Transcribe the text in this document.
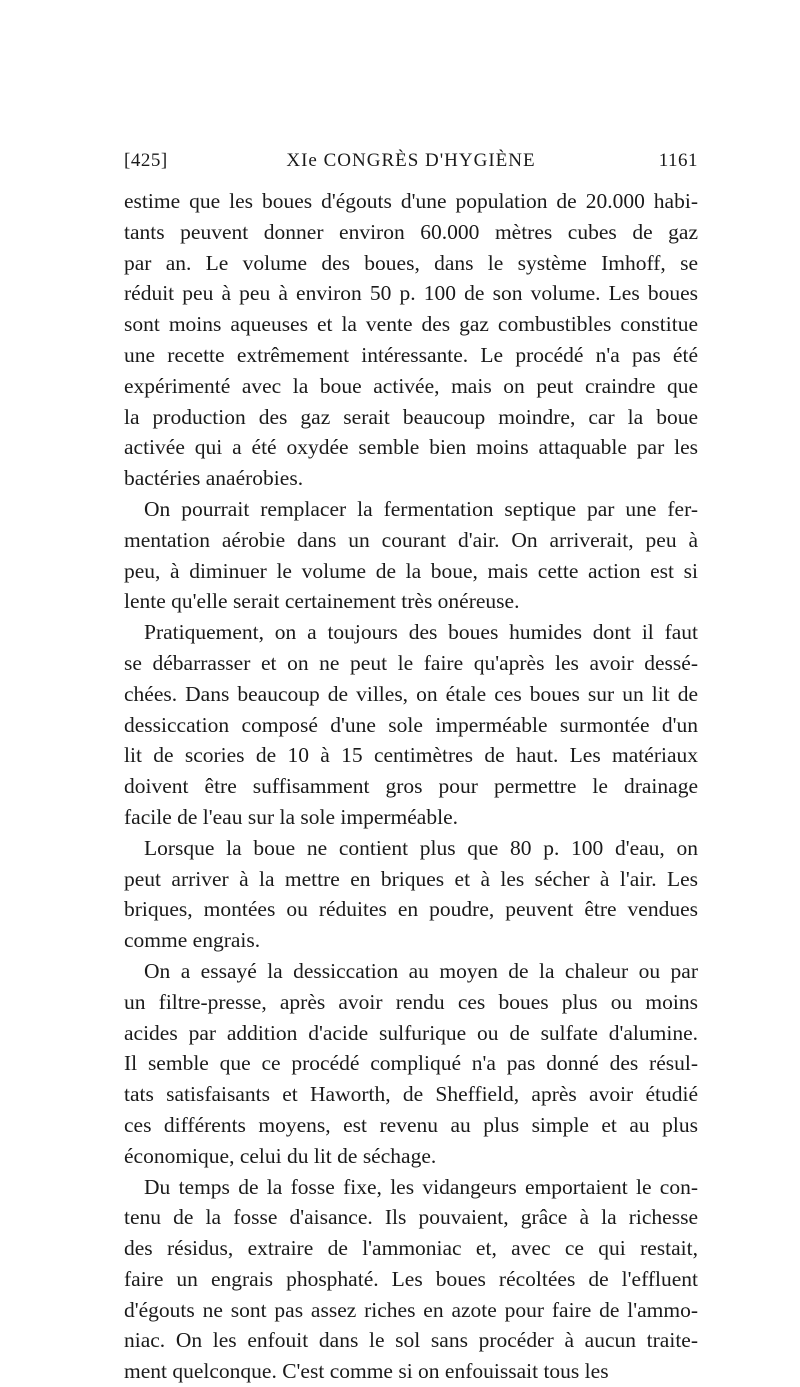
[425]	XIe CONGRÈS D'HYGIÈNE	1161
estime que les boues d'égouts d'une population de 20.000 habi-
tants peuvent donner environ 60.000 mètres cubes de gaz
par an. Le volume des boues, dans le système Imhoff, se
réduit peu à peu à environ 50 p. 100 de son volume. Les boues
sont moins aqueuses et la vente des gaz combustibles constitue
une recette extrêmement intéressante. Le procédé n'a pas été
expérimenté avec la boue activée, mais on peut craindre que
la production des gaz serait beaucoup moindre, car la boue
activée qui a été oxydée semble bien moins attaquable par les
bactéries anaérobies.
On pourrait remplacer la fermentation septique par une fer-
mentation aérobie dans un courant d'air. On arriverait, peu à
peu, à diminuer le volume de la boue, mais cette action est si
lente qu'elle serait certainement très onéreuse.
Pratiquement, on a toujours des boues humides dont il faut
se débarrasser et on ne peut le faire qu'après les avoir dessé-
chées. Dans beaucoup de villes, on étale ces boues sur un lit de
dessiccation composé d'une sole imperméable surmontée d'un
lit de scories de 10 à 15 centimètres de haut. Les matériaux
doivent être suffisamment gros pour permettre le drainage
facile de l'eau sur la sole imperméable.
Lorsque la boue ne contient plus que 80 p. 100 d'eau, on
peut arriver à la mettre en briques et à les sécher à l'air. Les
briques, montées ou réduites en poudre, peuvent être vendues
comme engrais.
On a essayé la dessiccation au moyen de la chaleur ou par
un filtre-presse, après avoir rendu ces boues plus ou moins
acides par addition d'acide sulfurique ou de sulfate d'alumine.
Il semble que ce procédé compliqué n'a pas donné des résul-
tats satisfaisants et Haworth, de Sheffield, après avoir étudié
ces différents moyens, est revenu au plus simple et au plus
économique, celui du lit de séchage.
Du temps de la fosse fixe, les vidangeurs emportaient le con-
tenu de la fosse d'aisance. Ils pouvaient, grâce à la richesse
des résidus, extraire de l'ammoniac et, avec ce qui restait,
faire un engrais phosphaté. Les boues récoltées de l'effluent
d'égouts ne sont pas assez riches en azote pour faire de l'ammo-
niac. On les enfouit dans le sol sans procéder à aucun traite-
ment quelconque. C'est comme si on enfouissait tous les
